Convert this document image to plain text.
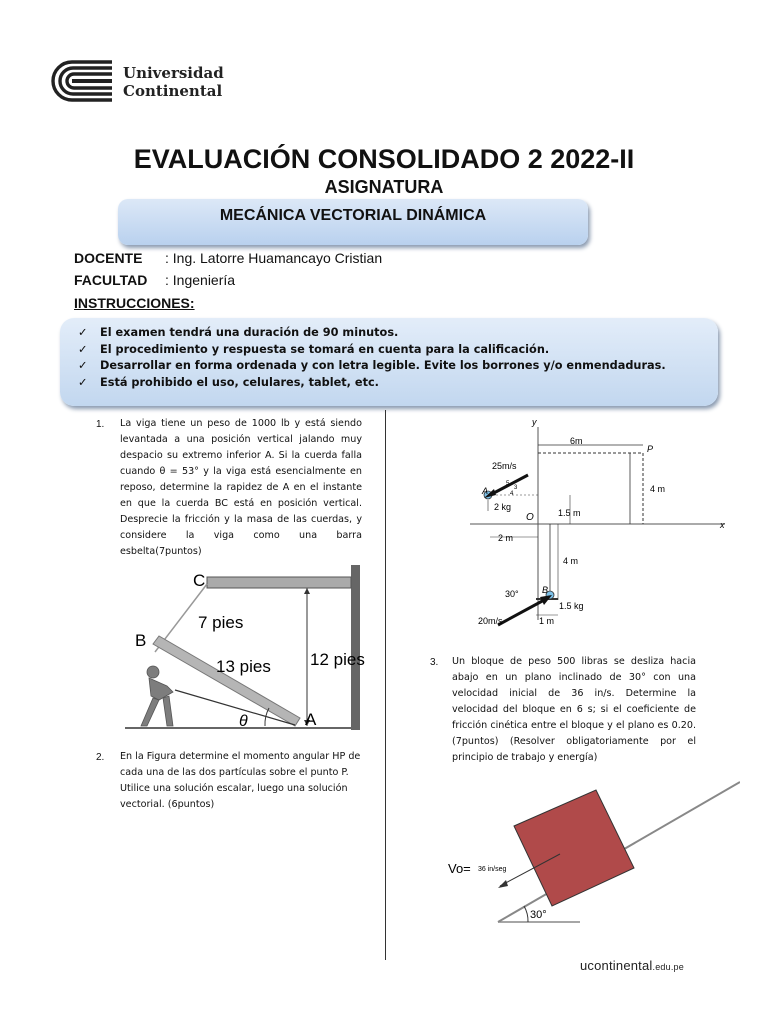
Universidad
Continental
EVALUACIÓN CONSOLIDADO 2 2022-II
ASIGNATURA
MECÁNICA VECTORIAL DINÁMICA
DOCENTE : Ing. Latorre Huamancayo Cristian
FACULTAD : Ingeniería
INSTRUCCIONES:
✓ El examen tendrá una duración de 90 minutos.
✓ El procedimiento y respuesta se tomará en cuenta para la calificación.
✓ Desarrollar en forma ordenada y con letra legible. Evite los borrones y/o enmendaduras.
✓ Está prohibido el uso, celulares, tablet, etc.
1. La viga tiene un peso de 1000 lb y está siendo levantada a una posición vertical jalando muy despacio su extremo inferior A. Si la cuerda falla cuando θ = 53° y la viga está esencialmente en reposo, determine la rapidez de A en el instante en que la cuerda BC está en posición vertical. Desprecie la fricción y la masa de las cuerdas, y considere la viga como una barra esbelta(7puntos)
C
B
A
7 pies
13 pies 12 pies
θ
2. En la Figura determine el momento angular HP de cada una de las dos partículas sobre el punto P. Utilice una solución escalar, luego una solución vectorial. (6puntos)
y
x
O
6m
P
4 m
A
25m/s
5
3
4
2 kg
1.5 m
2 m
4 m
B
30°
1.5 kg
20m/s	1 m
3. Un bloque de peso 500 libras se desliza hacia abajo en un plano inclinado de 30° con una velocidad inicial de 36 in/s. Determine la velocidad del bloque en 6 s; si el coeficiente de fricción cinética entre el bloque y el plano es 0.20. (7puntos) (Resolver obligatoriamente por el principio de trabajo y energía)
Vo= 36 in/seg
30°
ucontinental.edu.pe
